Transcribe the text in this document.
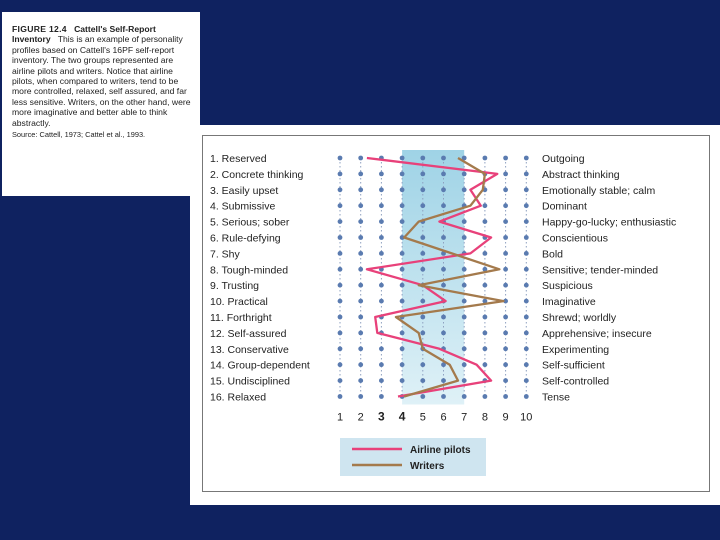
FIGURE 12.4 Cattell's Self-Report Inventory This is an example of personality profiles based on Cattell's 16PF self-report inventory. The two groups represented are airline pilots and writers. Notice that airline pilots, when compared to writers, tend to be more controlled, relaxed, self assured, and far less sensitive. Writers, on the other hand, were more imaginative and better able to think abstractly.
Source: Cattell, 1973; Cattel et al., 1993.
1. Reserved
2. Concrete thinking
3. Easily upset
4. Submissive
5. Serious; sober
6. Rule-defying
7. Shy
8. Tough-minded
9. Trusting
10. Practical
11. Forthright
12. Self-assured
13. Conservative
14. Group-dependent
15. Undisciplined
16. Relaxed
Outgoing
Abstract thinking
Emotionally stable; calm
Dominant
Happy-go-lucky; enthusiastic
Conscientious
Bold
Sensitive; tender-minded
Suspicious
Imaginative
Shrewd; worldly
Apprehensive; insecure
Experimenting
Self-sufficient
Self-controlled
Tense
1 2 3 4 5 6 7 8 9 10
Airline pilots
Writers
